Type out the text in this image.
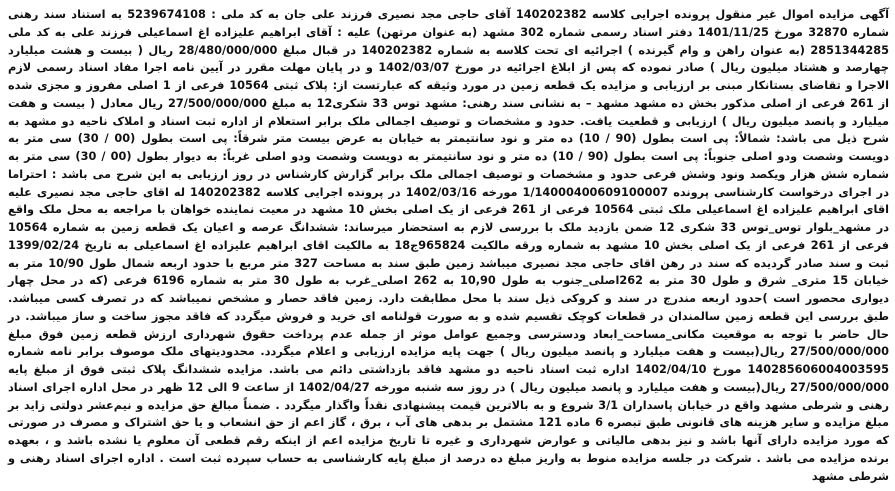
آگهی مزایده اموال غیر منقول پرونده اجرایی کلاسه 140202382 آقای حاجی مجد نصیری فرزند علی جان به کد ملی : 5239674108 به استناد سند رهنی شماره 32870 مورخ 1401/11/25 دفتر اسناد رسمی شماره 302 مشهد (به عنوان مرتهن) علیه : آقای ابراهیم علیزاده اغ اسماعیلی فرزند علی به کد ملی 2851344285 (به عنوان راهن و وام گیرنده ) اجرائیه ای تحت کلاسه به شماره 140202382 در قبال مبلغ 28/480/000/000 ریال ( بیست و هشت میلیارد چهارصد و هشتاد میلیون ریال ) صادر نموده که پس از ابلاغ اجرائیه در مورخ 1402/03/07 و در پایان مهلت مقرر در آیین نامه اجرا مفاد اسناد رسمی لازم الاجرا و تقاضای بستانکار مبنی بر ارزیابی و مزایده یک قطعه زمین در مورد وثیقه که عبارتست از: پلاک ثبتی 10564 فرعی از 1 اصلی مفروز و مجزی شده از 261 فرعی از اصلی مذکور بخش ده مشهد مشهد – به نشانی سند رهنی: مشهد توس 33 شکری12 به مبلغ 27/500/000/000 ریال معادل ( بیست و هفت میلیارد و پانصد میلیون ریال ) ارزیابی و قطعیت یافت. حدود و مشخصات و توصیف اجمالی ملک برابر استعلام از اداره ثبت اسناد و املاک ناحیه دو مشهد به شرح ذیل می باشد: شمالاً: پی است بطول (90 / 10) ده متر و نود سانتیمتر به خیابان به عرض بیست متر شرقاً: پی است بطول (00 / 30) سی متر به دویست وشصت ودو اصلی جنوباً: پی است بطول (90 / 10) ده متر و نود سانتیمتر به دویست وشصت ودو اصلی غرباً: به دیوار بطول (00 / 30) سی متر به شماره شش هزار ویکصد ونود وشش فرعی حدود و مشخصات و توصیف اجمالی ملک برابر گزارش کارشناس در روز ارزیابی به این شرح می باشد : احتراما در اجرای درخواست کارشناسی پرونده 1/14000400609100007 مورخه 1402/03/16 در پرونده اجرایی کلاسه 140202382 له اقای حاجی مجد نصیری علیه اقای ابراهیم علیزاده اغ اسماعیلی ملک ثبتی 10564 فرعی از 261 فرعی از یک اصلی بخش 10 مشهد در معیت نماینده خواهان با مراجعه به محل ملک واقع در مشهد_بلوار توس_توس 33 شکری 12 ضمن بازدید ملک با بررسی لازم به استحضار میرساند: ششدانگ عرصه و اعیان یک قطعه زمین به شماره 10564 فرعی از 261 فرعی از یک اصلی بخش 10 مشهد به شماره ورقه مالکیت 965824ج18 به مالکیت اقای ابراهیم علیزاده اغ اسماعیلی به تاریخ 1399/02/24 ثبت و سند صادر گردیده که سند در رهن اقای حاجی مجد نصیری میباشد زمین طبق سند به مساحت 327 متر مربع با حدود اربعه شمال طول 10/90 متر به خیابان 15 متری_ شرق و طول 30 متر به 262اصلی_جنوب به طول 10,90 به 262 اصلی_غرب به طول 30 متر به شماره 6196 فرعی (که در محل چهار دیواری محصور است )حدود اربعه مندرج در سند و کروکی ذیل سند با محل مطابقت دارد. زمین فاقد حصار و مشخص نمیباشد که در تصرف کسی میباشد. طبق بررسی این قطعه زمین سالمندان در قطعات کوچک تقسیم شده و به صورت قولنامه ای خرید و فروش میگردد که فاقد مجوز ساخت و ساز میباشد. در حال حاضر با توجه به موقعیت مکانی_مساحت_ابعاد ودسترسی وجمیع عوامل موثر از جمله عدم پرداخت حقوق شهرداری ارزش قطعه زمین فوق مبلغ 27/500/000/000 ریال(بیست و هفت میلیارد و پانصد میلیون ریال ) جهت پایه مزایده ارزیابی و اعلام میگردد. محدودیتهای ملک موصوف برابر نامه شماره 140285606004003595 مورخ 1402/04/10 اداره ثبت اسناد ناحیه دو مشهد فاقد بازداشتی دائم می باشد. مزایده ششدانگ پلاک ثبتی فوق از مبلغ پایه 27/500/000/000 ریال(بیست و هفت میلیارد و پانصد میلیون ریال ) در روز سه شنبه مورخه 1402/04/27 از ساعت 9 الی 12 ظهر در محل اداره اجرای اسناد رهنی و شرطی مشهد واقع در خیابان پاسداران 3/1 شروع و به بالاترین قیمت پیشنهادی نقداً واگذار میگردد . ضمناً مبالغ حق مزایده و نیم‌عشر دولتی زاید بر مبلغ مزایده و سایر هزینه های قانونی طبق تبصره 6 ماده 121 مشتمل بر بدهی های آب ، برق ، گاز اعم از حق انشعاب و یا حق اشتراک و مصرف در صورتی که مورد مزایده دارای آنها باشد و نیز بدهی مالیاتی و عوارض شهرداری و غیره تا تاریخ مزایده اعم از اینکه رقم قطعی آن معلوم یا نشده باشد و ، بعهده برنده مزایده می باشد . شرکت در جلسه مزایده منوط به واریز مبلغ ده درصد از مبلغ پایه کارشناسی به حساب سپرده ثبت است . اداره اجرای اسناد رهنی و شرطی مشهد
